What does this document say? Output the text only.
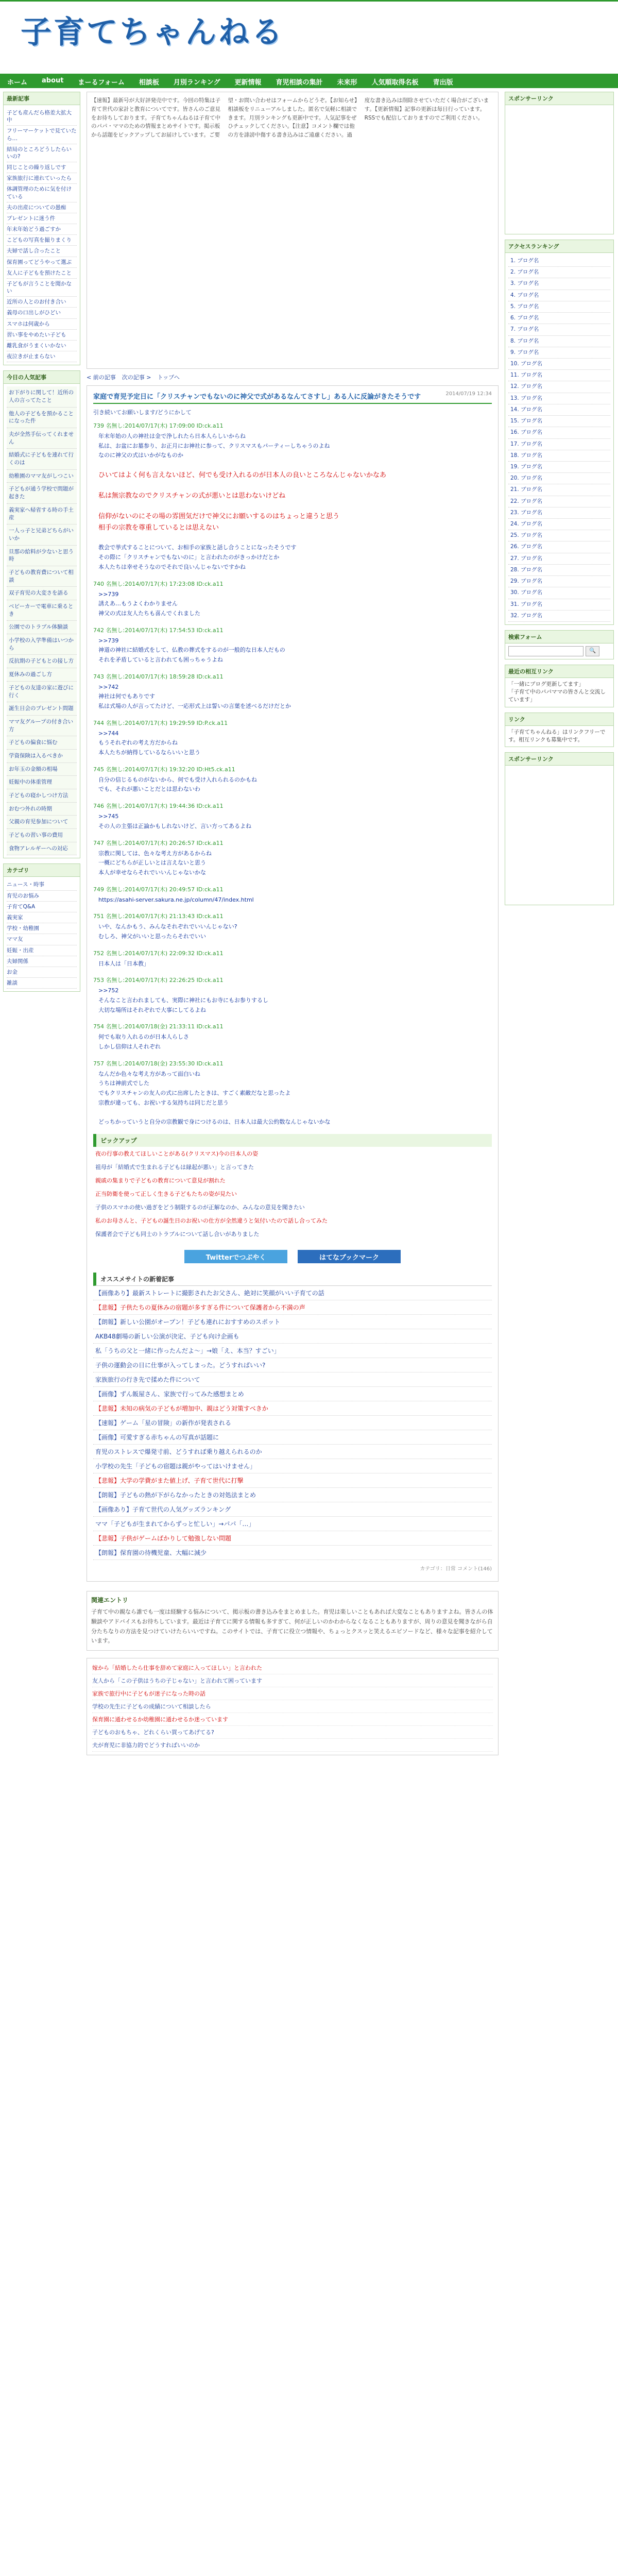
子育てちゃんねる
ホーム	about	まーるフォーム	相談板	月別ランキング	更新情報	育児相談の集計	未来形	人気順取得名板	青出版
最新記事
子ども産んだら格差大拡大中
フリーマーケットで見ていたら…
結局のところどうしたらいいの?
同じことの繰り返しです
家族旅行に連れていったら
体調管理のために気を付けている
夫の出産についての愚痴
プレゼントに迷う件
年末年始どう過ごすか
こどもの写真を撮りまくり
夫婦で話し合ったこと
保育園ってどうやって選ぶ
友人に子どもを預けたこと
子どもが言うことを聞かない
近所の人とのお付き合い
義母の口出しがひどい
スマホは何歳から
習い事をやめたい子ども
離乳食がうまくいかない
夜泣きが止まらない
今日の人気記事
お下がりに関して！近所の人の言ってたこと
他人の子どもを預かることになった件
夫が全然手伝ってくれません
結婚式に子どもを連れて行くのは
幼稚園のママ友がしつこい
子どもが通う学校で問題が起きた
義実家へ帰省する時の手土産
一人っ子と兄弟どちらがいいか
旦那の給料が少ないと思う時
子どもの教育費について相談
双子育児の大変さを語る
ベビーカーで電車に乗るとき
公園でのトラブル体験談
小学校の入学準備はいつから
反抗期の子どもとの接し方
夏休みの過ごし方
子どもの友達の家に遊びに行く
誕生日会のプレゼント問題
ママ友グループの付き合い方
子どもの偏食に悩む
学資保険は入るべきか
お年玉の金額の相場
妊娠中の体重管理
子どもの寝かしつけ方法
おむつ外れの時期
父親の育児参加について
子どもの習い事の費用
食物アレルギーへの対応
カテゴリ
ニュース・時事
育児のお悩み
子育てQ&A
義実家
学校・幼稚園
ママ友
妊娠・出産
夫婦関係
お金
雑談
【速報】最新号が大好評発売中です。今回の特集は子育て世代の家計と教育についてです。皆さんのご意見をお待ちしております。子育てちゃんねるは子育て中のパパ・ママのための情報まとめサイトです。掲示板から話題をピックアップしてお届けしています。ご要望・お問い合わせはフォームからどうぞ。【お知らせ】相談板をリニューアルしました。匿名で気軽に相談できます。月別ランキングも更新中です。人気記事をぜひチェックしてください。【注意】コメント欄では他の方を誹謗中傷する書き込みはご遠慮ください。過度な書き込みは削除させていただく場合がございます。【更新情報】記事の更新は毎日行っています。RSSでも配信しておりますのでご利用ください。
< 前の記事 次の記事 > トップへ
家庭で育児予定日に「クリスチャンでもないのに神父で式があるなんてさすし」ある人に反論がきたそうです	2014/07/19 12:34
引き続いてお願いします/どうにかして
739 名無し:2014/07/17(木) 17:09:00 ID:ck.a11
年末年始の人の神社は金で浄しれたら日本人らしいからね
私は、お盆にお墓参り、お正月にお神社に参って、クリスマスもパーティーしちゃうのよね
なのに神父の式はいかがなものか
ひいてはよく何も言えないほど、何でも受け入れるのが日本人の良いところなんじゃないかなあ
私は無宗教なのでクリスチャンの式が悪いとは思わないけどね
信仰がないのにその場の雰囲気だけで神父にお願いするのはちょっと違うと思う
相手の宗教を尊重しているとは思えない
教会で挙式することについて、お相手の家族と話し合うことになったそうです
その際に「クリスチャンでもないのに」と言われたのがきっかけだとか
本人たちは幸せそうなのでそれで良いんじゃないですかね
740 名無し:2014/07/17(木) 17:23:08 ID:ck.a11
>>739
誘えあ…もうよくわかりません
神父の式は友人たちも喜んでくれました
742 名無し:2014/07/17(木) 17:54:53 ID:ck.a11
>>739
神道の神社に結婚式をして、仏教の葬式をするのが一般的な日本人だもの
それを矛盾していると言われても困っちゃうよね
743 名無し:2014/07/17(木) 18:59:28 ID:ck.a11
>>742
神社は何でもありです
私は式場の人が言ってたけど、一応形式上は誓いの言葉を述べるだけだとか
744 名無し:2014/07/17(木) 19:29:59 ID:P.ck.a11
>>744
もうそれぞれの考え方だからね
本人たちが納得しているならいいと思う
745 名無し:2014/07/17(木) 19:32:20 ID:Ht5.ck.a11
自分の信じるものがないから、何でも受け入れられるのかもね
でも、それが悪いことだとは思わないわ
746 名無し:2014/07/17(木) 19:44:36 ID:ck.a11
>>745
その人の主張は正論かもしれないけど、言い方ってあるよね
747 名無し:2014/07/17(木) 20:26:57 ID:ck.a11
宗教に関しては、色々な考え方があるからね
一概にどちらが正しいとは言えないと思う
本人が幸せならそれでいいんじゃないかな
749 名無し:2014/07/17(木) 20:49:57 ID:ck.a11
https://asahi-server.sakura.ne.jp/column/47/index.html
751 名無し:2014/07/17(木) 21:13:43 ID:ck.a11
いや、なんかもう、みんなそれぞれでいいんじゃない?
むしろ、神父がいいと思ったらそれでいい
752 名無し:2014/07/17(木) 22:09:32 ID:ck.a11
日本人は「日本教」
753 名無し:2014/07/17(木) 22:26:25 ID:ck.a11
>>752
そんなこと言われましても、実際に神社にもお寺にもお参りするし
大切な場所はそれぞれで大事にしてるよね
754 名無し:2014/07/18(金) 21:33:11 ID:ck.a11
何でも取り入れるのが日本人らしさ
しかし信仰は人それぞれ
757 名無し:2014/07/18(金) 23:55:30 ID:ck.a11
なんだか色々な考え方があって面白いね
うちは神前式でした
でもクリスチャンの友人の式に出席したときは、すごく素敵だなと思ったよ
宗教が違っても、お祝いする気持ちは同じだと思う
どっちかっていうと自分の宗教観で身につけるのは、日本人は最大公約数なんじゃないかな
ピックアップ
夜の行事の教えてほしいことがある(クリスマス)今の日本人の姿
祖母が「結婚式で生まれる子どもは縁起が悪い」と言ってきた
親戚の集まりで子どもの教育について意見が割れた
正当防衛を使って正しく生きる子どもたちの姿が見たい
子供のスマホの使い過ぎをどう制限するのが正解なのか、みんなの意見を聞きたい
私のお母さんと、子どもの誕生日のお祝いの仕方が全然違うと気付いたので話し合ってみた
保護者会で子ども同士のトラブルについて話し合いがありました
Twitterでつぶやく	はてなブックマーク
オススメサイトの新着記事
【画像あり】最新ストレートに撮影されたお父さん、絶対に笑顔がいい子育ての話
【悲報】子供たちの夏休みの宿題が多すぎる件について保護者から不満の声
【朗報】新しい公園がオープン！子ども連れにおすすめのスポット
AKB48劇場の新しい公演が決定、子ども向け企画も
私「うちの父と一緒に作ったんだよ〜」→娘「え、本当？すごい」
子供の運動会の日に仕事が入ってしまった。どうすればいい?
家族旅行の行き先で揉めた件について
【画像】ずん飯屋さん、家族で行ってみた感想まとめ
【悲報】未知の病気の子どもが増加中、親はどう対策すべきか
【速報】ゲーム「星の冒険」の新作が発表される
【画像】可愛すぎる赤ちゃんの写真が話題に
育児のストレスで爆発寸前、どうすれば乗り越えられるのか
小学校の先生「子どもの宿題は親がやってはいけません」
【悲報】大学の学費がまた値上げ、子育て世代に打撃
【朗報】子どもの熱が下がらなかったときの対処法まとめ
【画像あり】子育て世代の人気グッズランキング
ママ「子どもが生まれてからずっと忙しい」→パパ「…」
【悲報】子供がゲームばかりして勉強しない問題
【朗報】保育園の待機児童、大幅に減少
カテゴリ：日常 コメント(146)
関連エントリ

子育て中の親なら誰でも一度は経験する悩みについて、掲示板の書き込みをまとめました。育児は楽しいこともあれば大変なこともありますよね。皆さんの体験談やアドバイスもお待ちしています。最近は子育てに関する情報も多すぎて、何が正しいのかわからなくなることもありますが、周りの意見を聞きながら自分たちなりの方法を見つけていけたらいいですね。このサイトでは、子育てに役立つ情報や、ちょっとクスッと笑えるエピソードなど、様々な記事を紹介しています。

嫁から「結婚したら仕事を辞めて家庭に入ってほしい」と言われた
友人から「この子供はうちの子じゃない」と言われて困っています
家族で旅行中に子どもが迷子になった時の話
学校の先生に子どもの成績について相談したら
保育園に通わせるか幼稚園に通わせるか迷っています
子どものおもちゃ、どれくらい買ってあげてる?
夫が育児に非協力的でどうすればいいのか
スポンサーリンク
アクセスランキング
1. ブログ名
2. ブログ名
3. ブログ名
4. ブログ名
5. ブログ名
6. ブログ名
7. ブログ名
8. ブログ名
9. ブログ名
10. ブログ名
11. ブログ名
12. ブログ名
13. ブログ名
14. ブログ名
15. ブログ名
16. ブログ名
17. ブログ名
18. ブログ名
19. ブログ名
20. ブログ名
21. ブログ名
22. ブログ名
23. ブログ名
24. ブログ名
25. ブログ名
26. ブログ名
27. ブログ名
28. ブログ名
29. ブログ名
30. ブログ名
31. ブログ名
32. ブログ名
検索フォーム
🔍
最近の相互リンク
「一緒にブログ更新してます」
「子育て中のパパママの皆さんと交流しています」
リンク
「子育てちゃんねる」はリンクフリーです。相互リンクも募集中です。
スポンサーリンク
